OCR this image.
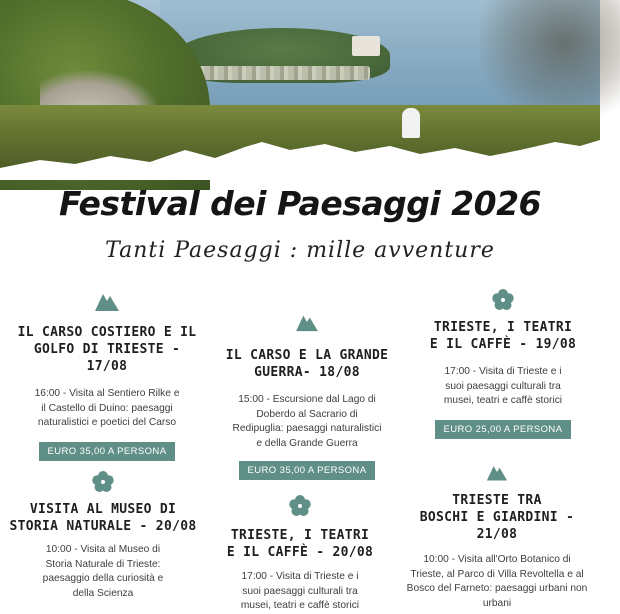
Festival dei Paesaggi 2026
Tanti Paesaggi : mille avventure
IL CARSO COSTIERO E IL
GOLFO DI TRIESTE - 17/08
16:00 - Visita al Sentiero Rilke e
il Castello di Duino: paesaggi
naturalistici e poetici del Carso
EURO 35,00 A PERSONA
IL CARSO E LA GRANDE
GUERRA- 18/08
15:00 - Escursione dal Lago di
Doberdo al Sacrario di
Redipuglia: paesaggi naturalistici
e della Grande Guerra
EURO 35,00 A PERSONA
TRIESTE, I TEATRI
E IL CAFFÈ - 19/08
17:00 - Visita di Trieste e i
suoi paesaggi culturali tra
musei, teatri e caffè storici
EURO 25,00 A PERSONA
VISITA AL MUSEO DI
STORIA NATURALE - 20/08
10:00 - Visita al Museo di
Storia Naturale di Trieste:
paesaggio della curiosità e
della Scienza
TRIESTE, I TEATRI
E IL CAFFÈ - 20/08
17:00 - Visita di Trieste e i
suoi paesaggi culturali tra
musei, teatri e caffè storici
TRIESTE TRA
BOSCHI E GIARDINI - 21/08
10:00 - Visita all'Orto Botanico di
Trieste, al Parco di Villa Revoltella e al
Bosco del Farneto: paesaggi urbani non
urbani
